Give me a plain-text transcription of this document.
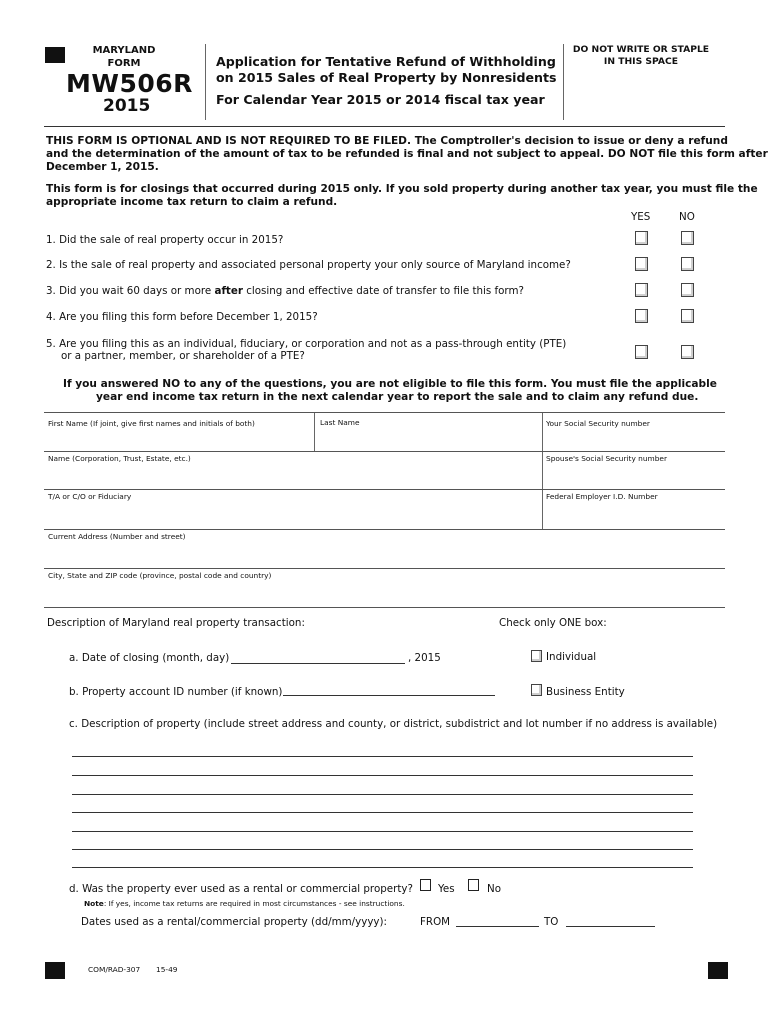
MARYLAND
FORM
MW506R
2015
Application for Tentative Refund of Withholding
on 2015 Sales of Real Property by Nonresidents
For Calendar Year 2015 or 2014 fiscal tax year
DO NOT WRITE OR STAPLE
IN THIS SPACE
THIS FORM IS OPTIONAL AND IS NOT REQUIRED TO BE FILED. The Comptroller's decision to issue or deny a refund
and the determination of the amount of tax to be refunded is final and not subject to appeal. DO NOT file this form after
December 1, 2015.
This form is for closings that occurred during 2015 only. If you sold property during another tax year, you must file the
appropriate income tax return to claim a refund.
YES	NO
1. Did the sale of real property occur in 2015?
2. Is the sale of real property and associated personal property your only source of Maryland income?
3. Did you wait 60 days or more after closing and effective date of transfer to file this form?
4. Are you filing this form before December 1, 2015?
5. Are you filing this as an individual, fiduciary, or corporation and not as a pass-through entity (PTE)
or a partner, member, or shareholder of a PTE?
If you answered NO to any of the questions, you are not eligible to file this form. You must file the applicable
year end income tax return in the next calendar year to report the sale and to claim any refund due.
First Name (If joint, give first names and initials of both)	Last Name	Your Social Security number
Name (Corporation, Trust, Estate, etc.)	Spouse's Social Security number
T/A or C/O or Fiduciary	Federal Employer I.D. Number
Current Address (Number and street)
City, State and ZIP code (province, postal code and country)
Description of Maryland real property transaction:	Check only ONE box:
a. Date of closing (month, day)	, 2015	Individual
b. Property account ID number (if known)	Business Entity
c. Description of property (include street address and county, or district, subdistrict and lot number if no address is available)
d. Was the property ever used as a rental or commercial property? Yes	No
Note: If yes, income tax returns are required in most circumstances - see instructions.
Dates used as a rental/commercial property (dd/mm/yyyy):	FROM	TO
COM/RAD-307 15-49
